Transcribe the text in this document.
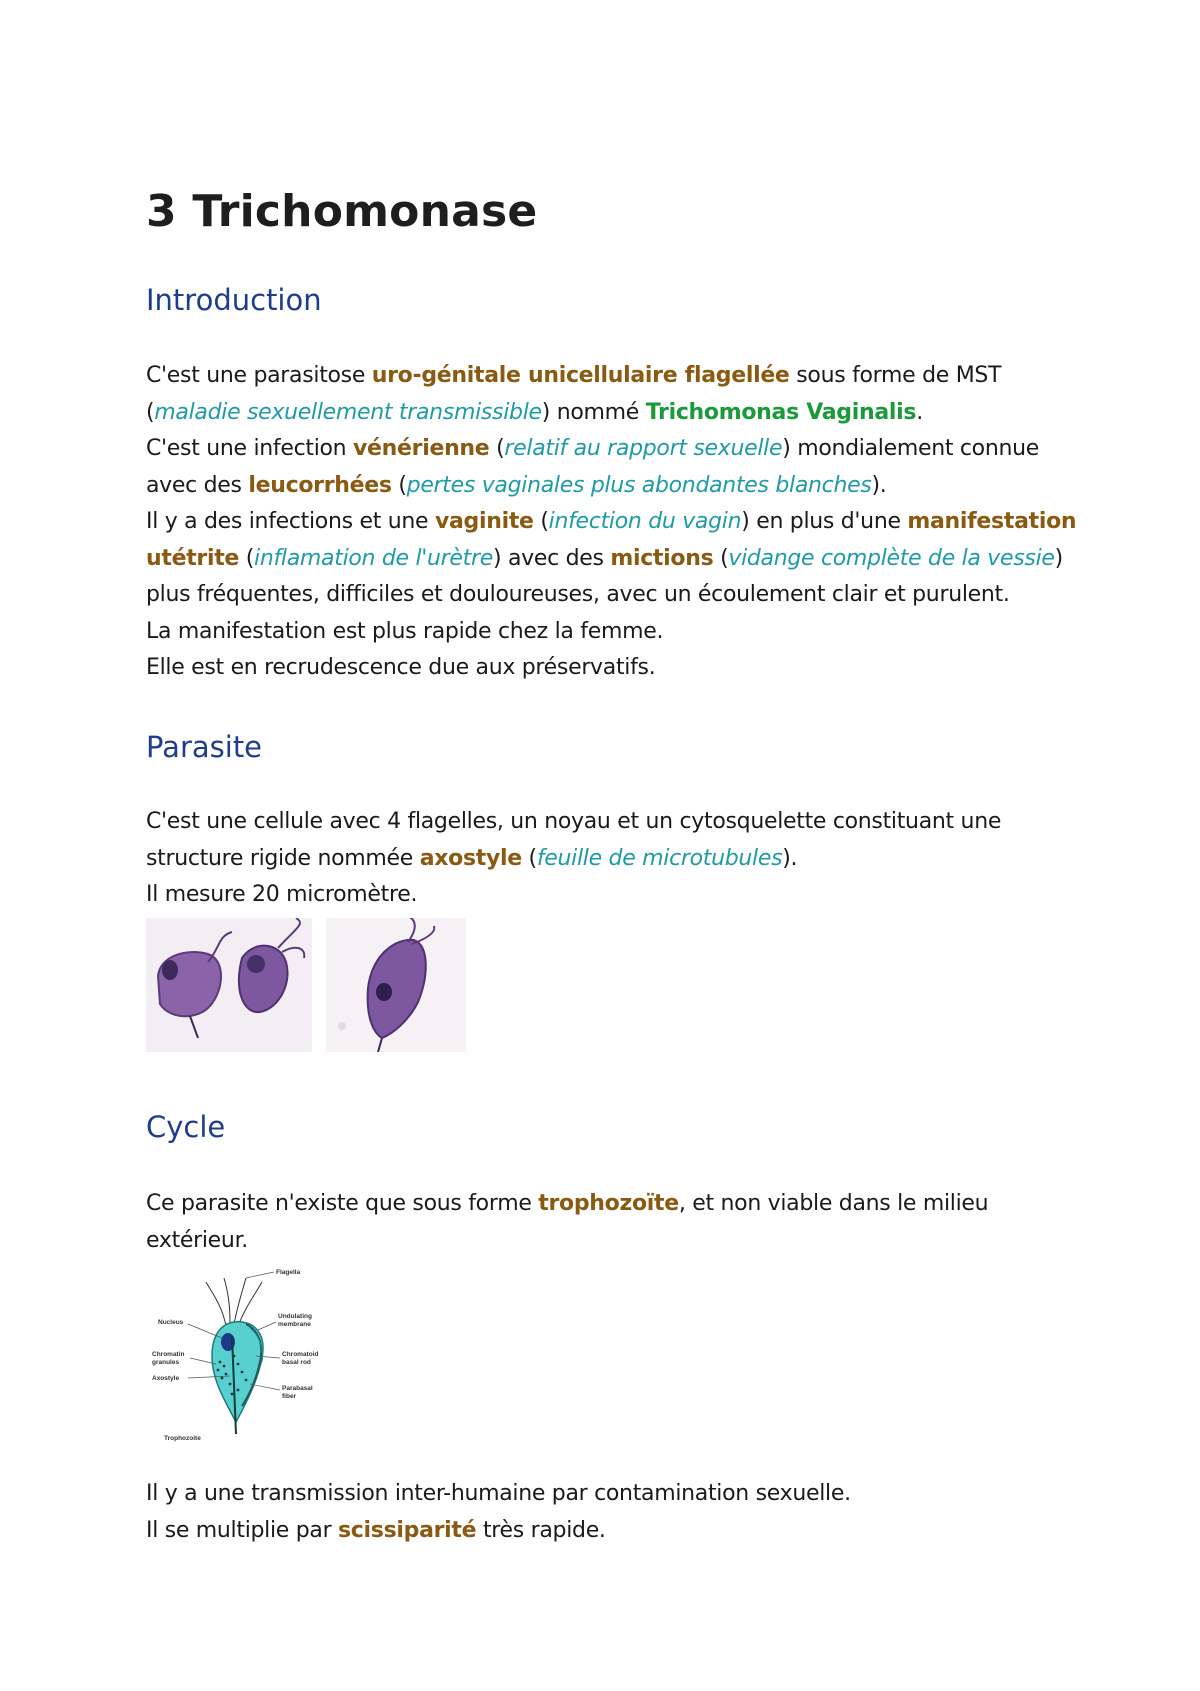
3 Trichomonase
Introduction
C'est une parasitose uro-génitale unicellulaire flagellée sous forme de MST
(maladie sexuellement transmissible) nommé Trichomonas Vaginalis.
C'est une infection vénérienne (relatif au rapport sexuelle) mondialement connue
avec des leucorrhées (pertes vaginales plus abondantes blanches).
Il y a des infections et une vaginite (infection du vagin) en plus d'une manifestation
utétrite (inflamation de l'urètre) avec des mictions (vidange complète de la vessie)
plus fréquentes, difficiles et douloureuses, avec un écoulement clair et purulent.
La manifestation est plus rapide chez la femme.
Elle est en recrudescence due aux préservatifs.
Parasite
C'est une cellule avec 4 flagelles, un noyau et un cytosquelette constituant une
structure rigide nommée axostyle (feuille de microtubules).
Il mesure 20 micromètre.
Cycle
Ce parasite n'existe que sous forme trophozoïte, et non viable dans le milieu
extérieur.
Flagella
Undulating
membrane
Nucleus
Chromatoid
basal rod
Chromatin
granules
Axostyle
Parabasal
fiber
Trophozoite
Il y a une transmission inter-humaine par contamination sexuelle.
Il se multiplie par scissiparité très rapide.
